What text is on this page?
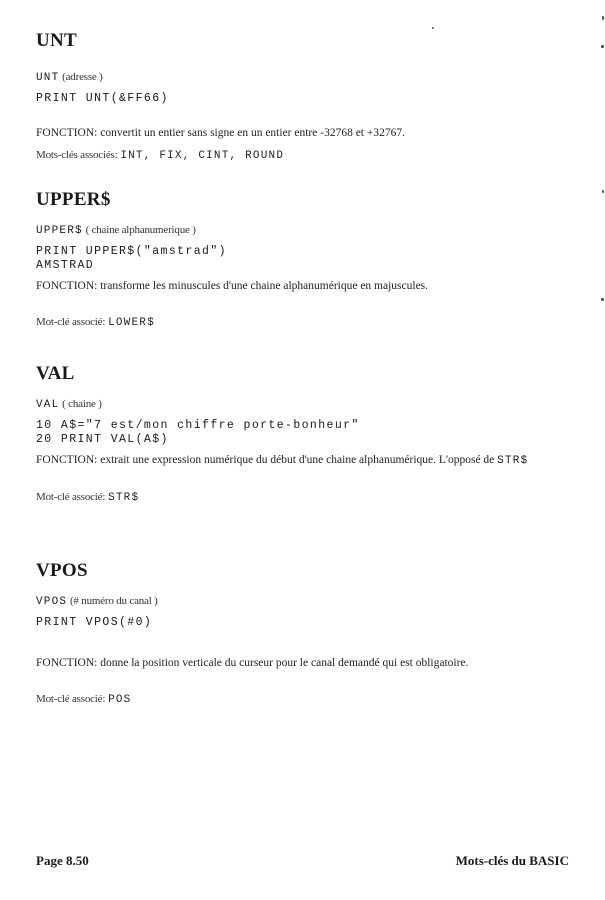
UNT
UNT (adresse )
PRINT UNT(&FF66)
FONCTION: convertit un entier sans signe en un entier entre -32768 et +32767.
Mots-clés associés: INT, FIX, CINT, ROUND
UPPER$
UPPER$ ( chaine alphanumerique )
PRINT UPPER$("amstrad")
AMSTRAD
FONCTION: transforme les minuscules d'une chaine alphanumérique en majuscules.
Mot-clé associé: LOWER$
VAL
VAL ( chaine )
10 A$="7 est/mon chiffre porte-bonheur"
20 PRINT VAL(A$)
FONCTION: extrait une expression numérique du début d'une chaine alphanumérique. L'opposé de STR$
Mot-clé associé: STR$
VPOS
VPOS (# numéro du canal )
PRINT VPOS(#0)
FONCTION: donne la position verticale du curseur pour le canal demandé qui est obligatoire.
Mot-clé associé: POS
Page 8.50	Mots-clés du BASIC
